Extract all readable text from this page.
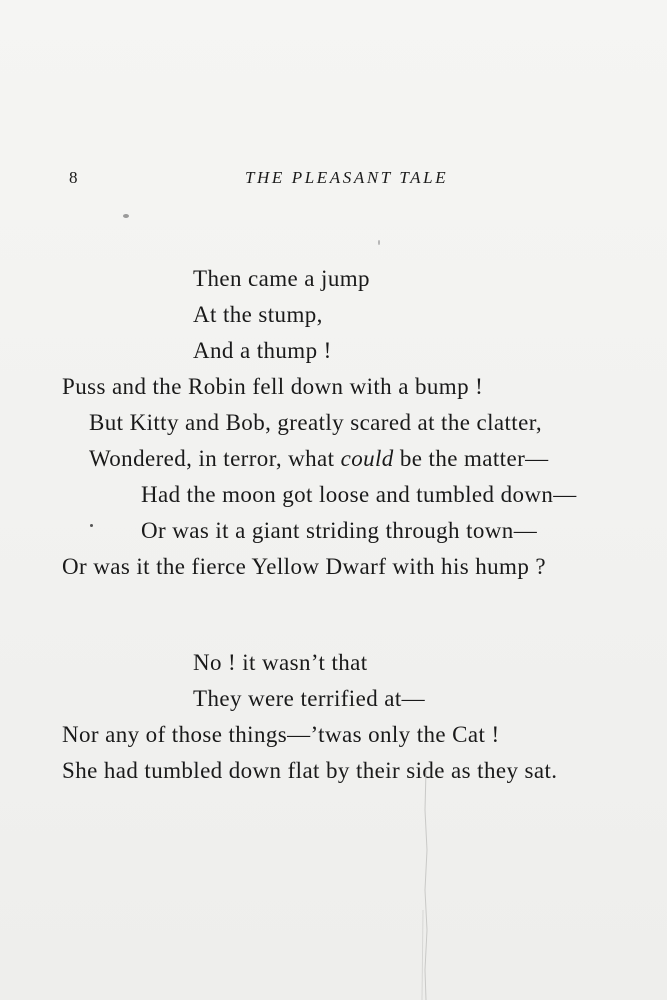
8	THE PLEASANT TALE
Then came a jump
At the stump,
And a thump !
Puss and the Robin fell down with a bump !
But Kitty and Bob, greatly scared at the clatter,
Wondered, in terror, what could be the matter—
Had the moon got loose and tumbled down—
Or was it a giant striding through town—
Or was it the fierce Yellow Dwarf with his hump ?
No ! it wasn’t that
They were terrified at—
Nor any of those things—’twas only the Cat !
She had tumbled down flat by their side as they sat.
